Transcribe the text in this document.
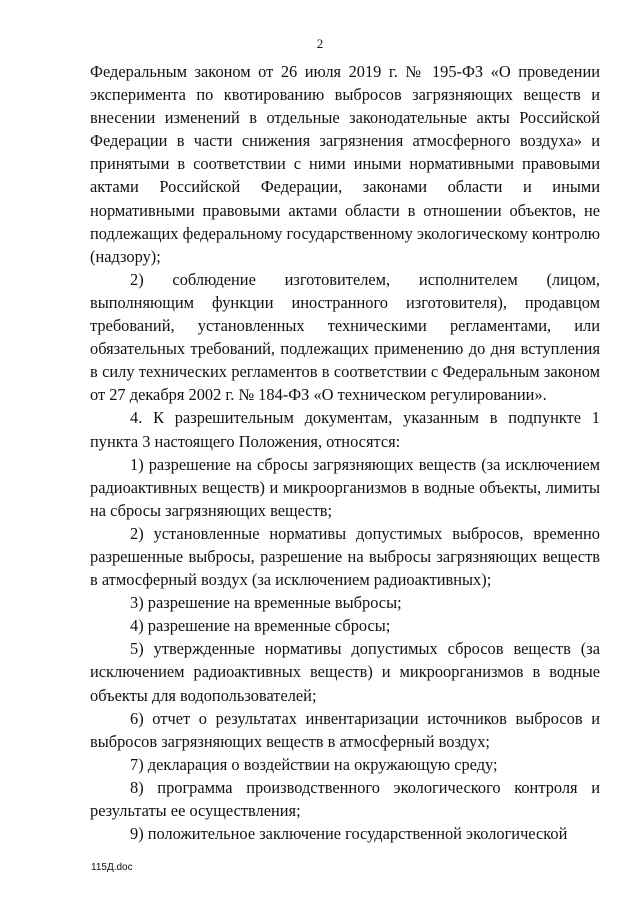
2

Федеральным законом от 26 июля 2019 г. № 195-ФЗ «О проведении эксперимента по квотированию выбросов загрязняющих веществ и внесении изменений в отдельные законодательные акты Российской Федерации в части снижения загрязнения атмосферного воздуха» и принятыми в соответствии с ними иными нормативными правовыми актами Российской Федерации, законами области и иными нормативными правовыми актами области в отношении объектов, не подлежащих федеральному государственному экологическому контролю (надзору);

2) соблюдение изготовителем, исполнителем (лицом, выполняющим функции иностранного изготовителя), продавцом требований, установленных техническими регламентами, или обязательных требований, подлежащих применению до дня вступления в силу технических регламентов в соответствии с Федеральным законом от 27 декабря 2002 г. № 184-ФЗ «О техническом регулировании».

4. К разрешительным документам, указанным в подпункте 1 пункта 3 настоящего Положения, относятся:

1) разрешение на сбросы загрязняющих веществ (за исключением радиоактивных веществ) и микроорганизмов в водные объекты, лимиты на сбросы загрязняющих веществ;

2) установленные нормативы допустимых выбросов, временно разрешенные выбросы, разрешение на выбросы загрязняющих веществ в атмосферный воздух (за исключением радиоактивных);

3) разрешение на временные выбросы;

4) разрешение на временные сбросы;

5) утвержденные нормативы допустимых сбросов веществ (за исключением радиоактивных веществ) и микроорганизмов в водные объекты для водопользователей;

6) отчет о результатах инвентаризации источников выбросов и выбросов загрязняющих веществ в атмосферный воздух;

7) декларация о воздействии на окружающую среду;

8) программа производственного экологического контроля и результаты ее осуществления;

9) положительное заключение государственной экологической

115Д.doc
